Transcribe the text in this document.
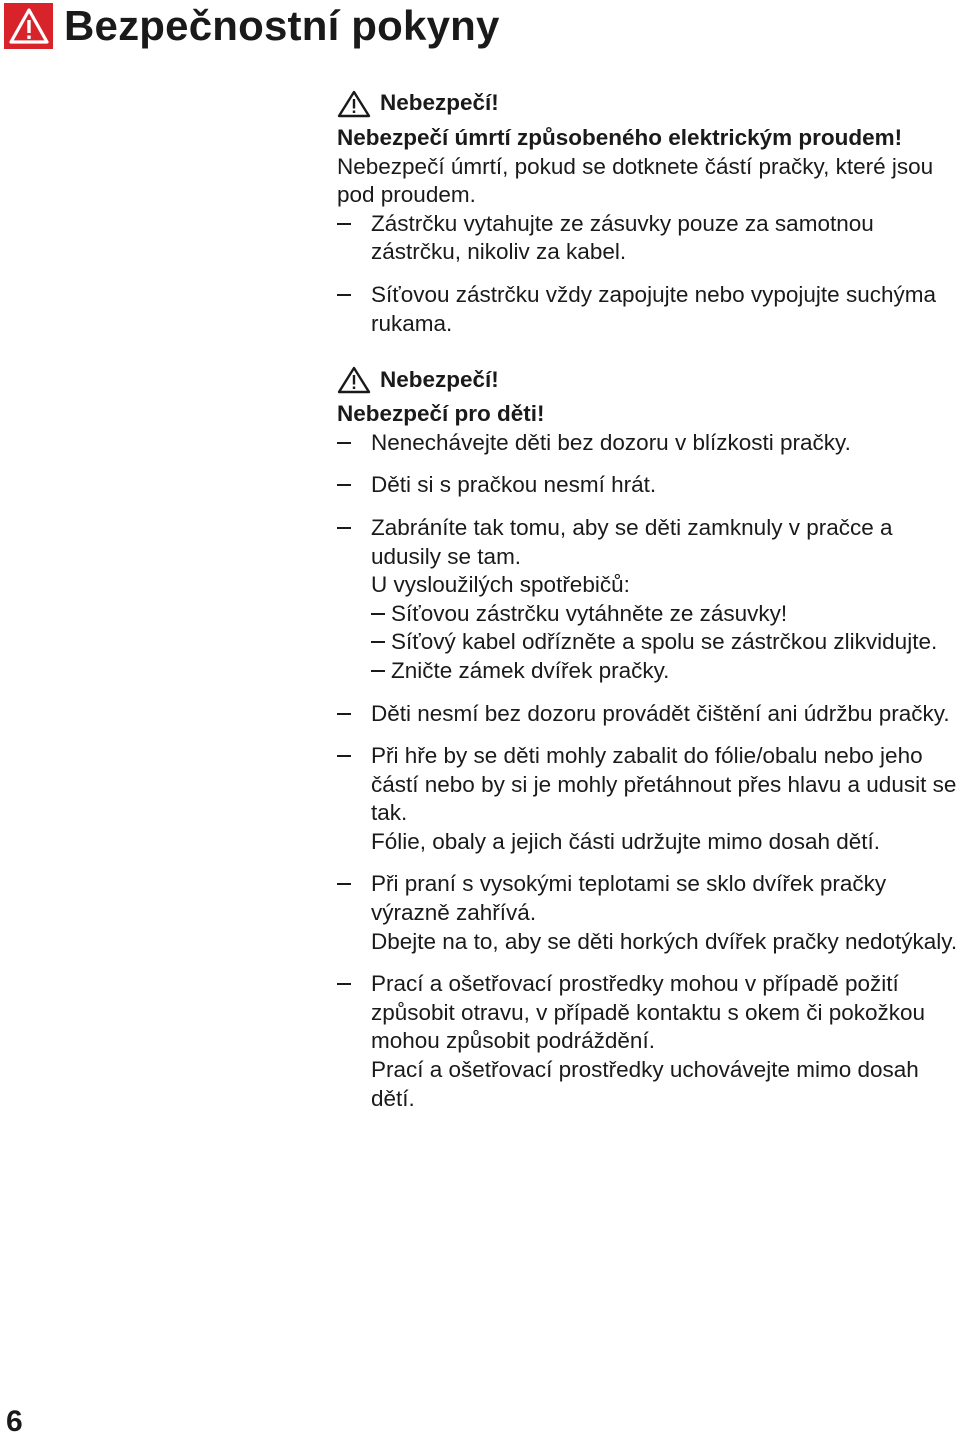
Bezpečnostní pokyny
Nebezpečí!

Nebezpečí úmrtí způsobeného elektrickým proudem!

Nebezpečí úmrtí, pokud se dotknete částí pračky, které jsou pod proudem.

Zástrčku vytahujte ze zásuvky pouze za samotnou zástrčku, nikoliv za kabel.
Síťovou zástrčku vždy zapojujte nebo vypojujte suchýma rukama.
Nebezpečí!

Nebezpečí pro děti!

Nenechávejte děti bez dozoru v blízkosti pračky.
Děti si s pračkou nesmí hrát.
Zabráníte tak tomu, aby se děti zamknuly v pračce a udusily se tam.
U vysloužilých spotřebičů:
Síťovou zástrčku vytáhněte ze zásuvky!
Síťový kabel odřízněte a spolu se zástrčkou zlikvidujte.
Zničte zámek dvířek pračky.
Děti nesmí bez dozoru provádět čištění ani údržbu pračky.
Při hře by se děti mohly zabalit do fólie/obalu nebo jeho částí nebo by si je mohly přetáhnout přes hlavu a udusit se tak.
Fólie, obaly a jejich části udržujte mimo dosah dětí.
Při praní s vysokými teplotami se sklo dvířek pračky výrazně zahřívá.
Dbejte na to, aby se děti horkých dvířek pračky nedotýkaly.
Prací a ošetřovací prostředky mohou v případě požití způsobit otravu, v případě kontaktu s okem či pokožkou mohou způsobit podráždění.
Prací a ošetřovací prostředky uchovávejte mimo dosah dětí.
6
